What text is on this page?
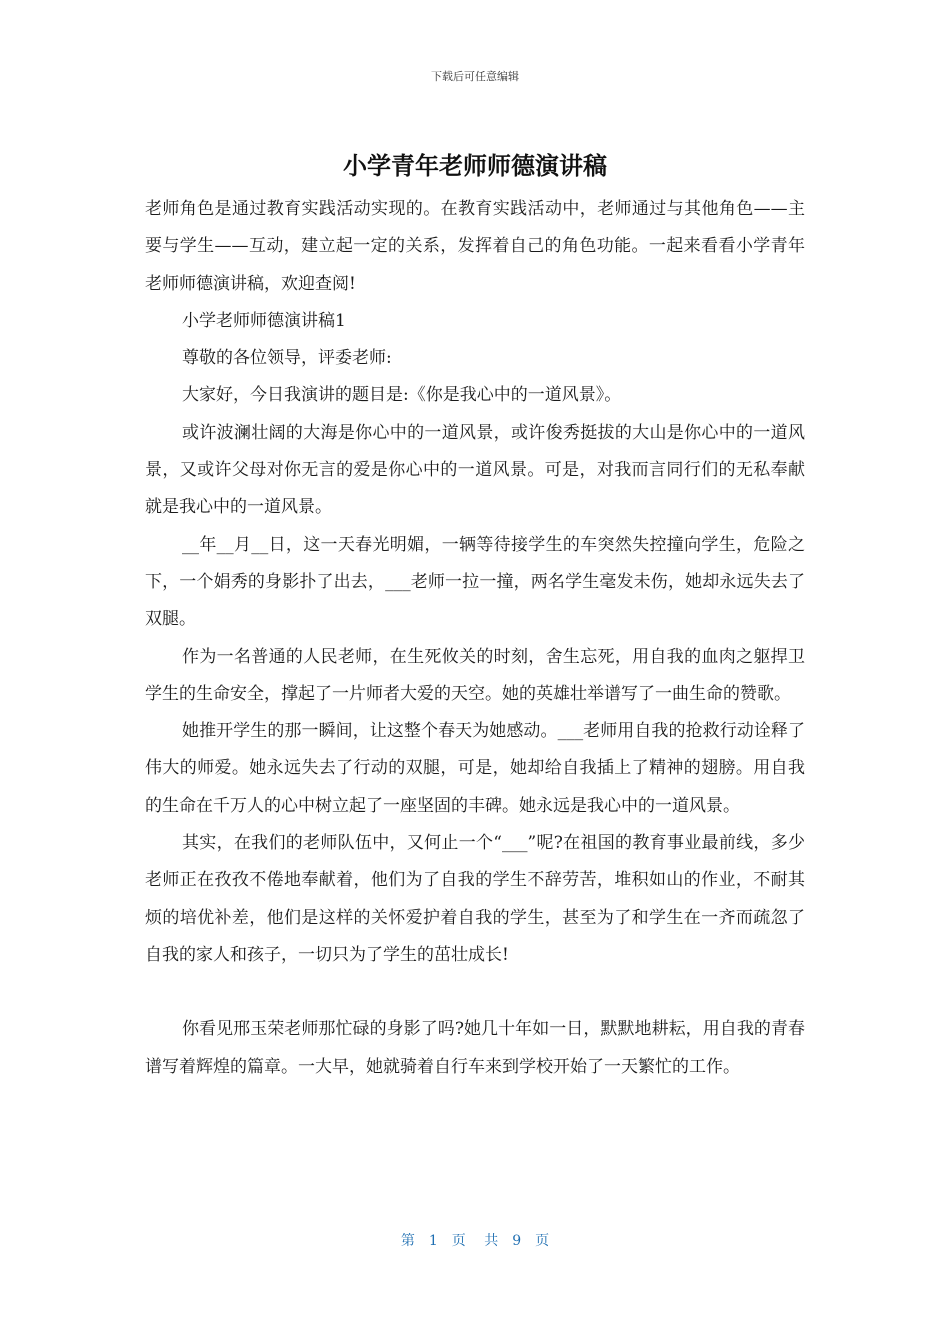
下载后可任意编辑
小学青年老师师德演讲稿

老师角色是通过教育实践活动实现的。在教育实践活动中，老师通过与其他角色——主要与学生——互动，建立起一定的关系，发挥着自己的角色功能。一起来看看小学青年老师师德演讲稿，欢迎查阅!

小学老师师德演讲稿1

尊敬的各位领导，评委老师:

大家好，今日我演讲的题目是:《你是我心中的一道风景》。

或许波澜壮阔的大海是你心中的一道风景，或许俊秀挺拔的大山是你心中的一道风景，又或许父母对你无言的爱是你心中的一道风景。可是，对我而言同行们的无私奉献就是我心中的一道风景。

__年__月__日，这一天春光明媚，一辆等待接学生的车突然失控撞向学生，危险之下，一个娟秀的身影扑了出去，___老师一拉一撞，两名学生毫发未伤，她却永远失去了双腿。

作为一名普通的人民老师，在生死攸关的时刻，舍生忘死，用自我的血肉之躯捍卫学生的生命安全，撑起了一片师者大爱的天空。她的英雄壮举谱写了一曲生命的赞歌。

她推开学生的那一瞬间，让这整个春天为她感动。___老师用自我的抢救行动诠释了伟大的师爱。她永远失去了行动的双腿，可是，她却给自我插上了精神的翅膀。用自我的生命在千万人的心中树立起了一座坚固的丰碑。她永远是我心中的一道风景。

其实，在我们的老师队伍中，又何止一个“___”呢?在祖国的教育事业最前线，多少老师正在孜孜不倦地奉献着，他们为了自我的学生不辞劳苦，堆积如山的作业，不耐其烦的培优补差，他们是这样的关怀爱护着自我的学生，甚至为了和学生在一齐而疏忽了自我的家人和孩子，一切只为了学生的茁壮成长!

你看见邢玉荣老师那忙碌的身影了吗?她几十年如一日，默默地耕耘，用自我的青春谱写着辉煌的篇章。一大早，她就骑着自行车来到学校开始了一天繁忙的工作。

第 1 页 共 9 页
